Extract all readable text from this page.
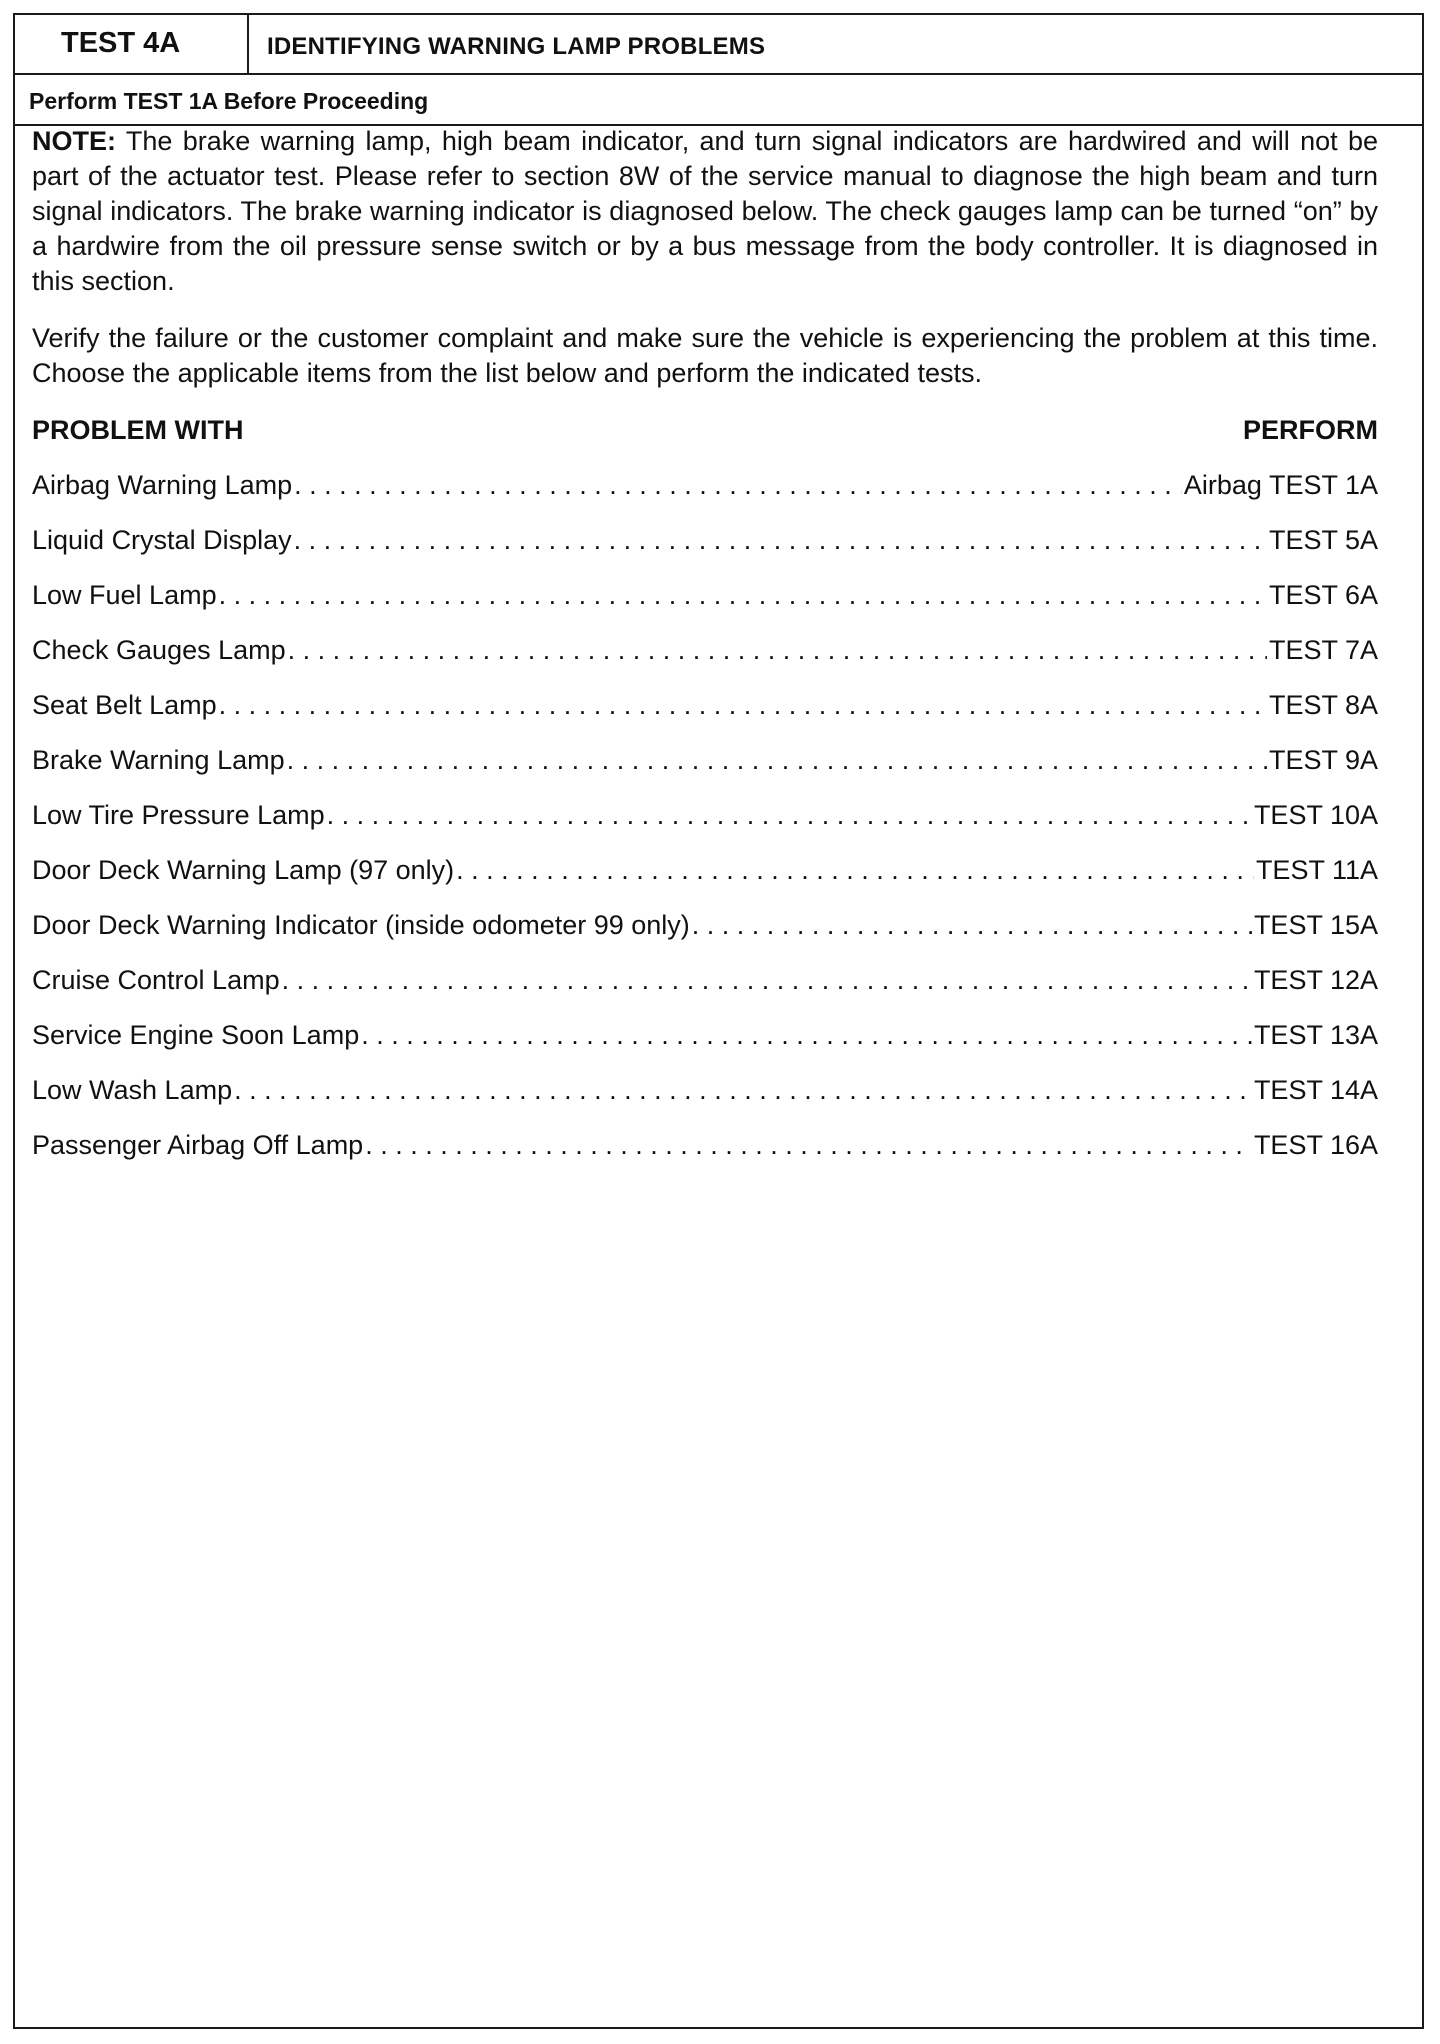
TEST 4A	IDENTIFYING WARNING LAMP PROBLEMS
Perform TEST 1A Before Proceeding

NOTE: The brake warning lamp, high beam indicator, and turn signal indicators are hardwired and will not be part of the actuator test. Please refer to section 8W of the service manual to diagnose the high beam and turn signal indicators. The brake warning indicator is diagnosed below. The check gauges lamp can be turned “on” by a hardwire from the oil pressure sense switch or by a bus message from the body controller. It is diagnosed in this section.

Verify the failure or the customer complaint and make sure the vehicle is experiencing the problem at this time. Choose the applicable items from the list below and perform the indicated tests.

PROBLEM WITH	PERFORM
Airbag Warning Lamp . . .	Airbag TEST 1A
Liquid Crystal Display . . .	TEST 5A
Low Fuel Lamp . . .	TEST 6A
Check Gauges Lamp . . .	TEST 7A
Seat Belt Lamp . . .	TEST 8A
Brake Warning Lamp . . .	TEST 9A
Low Tire Pressure Lamp . . .	TEST 10A
Door Deck Warning Lamp (97 only) . . .	TEST 11A
Door Deck Warning Indicator (inside odometer 99 only) . . .	TEST 15A
Cruise Control Lamp . . .	TEST 12A
Service Engine Soon Lamp . . .	TEST 13A
Low Wash Lamp . . .	TEST 14A
Passenger Airbag Off Lamp . . .	TEST 16A
